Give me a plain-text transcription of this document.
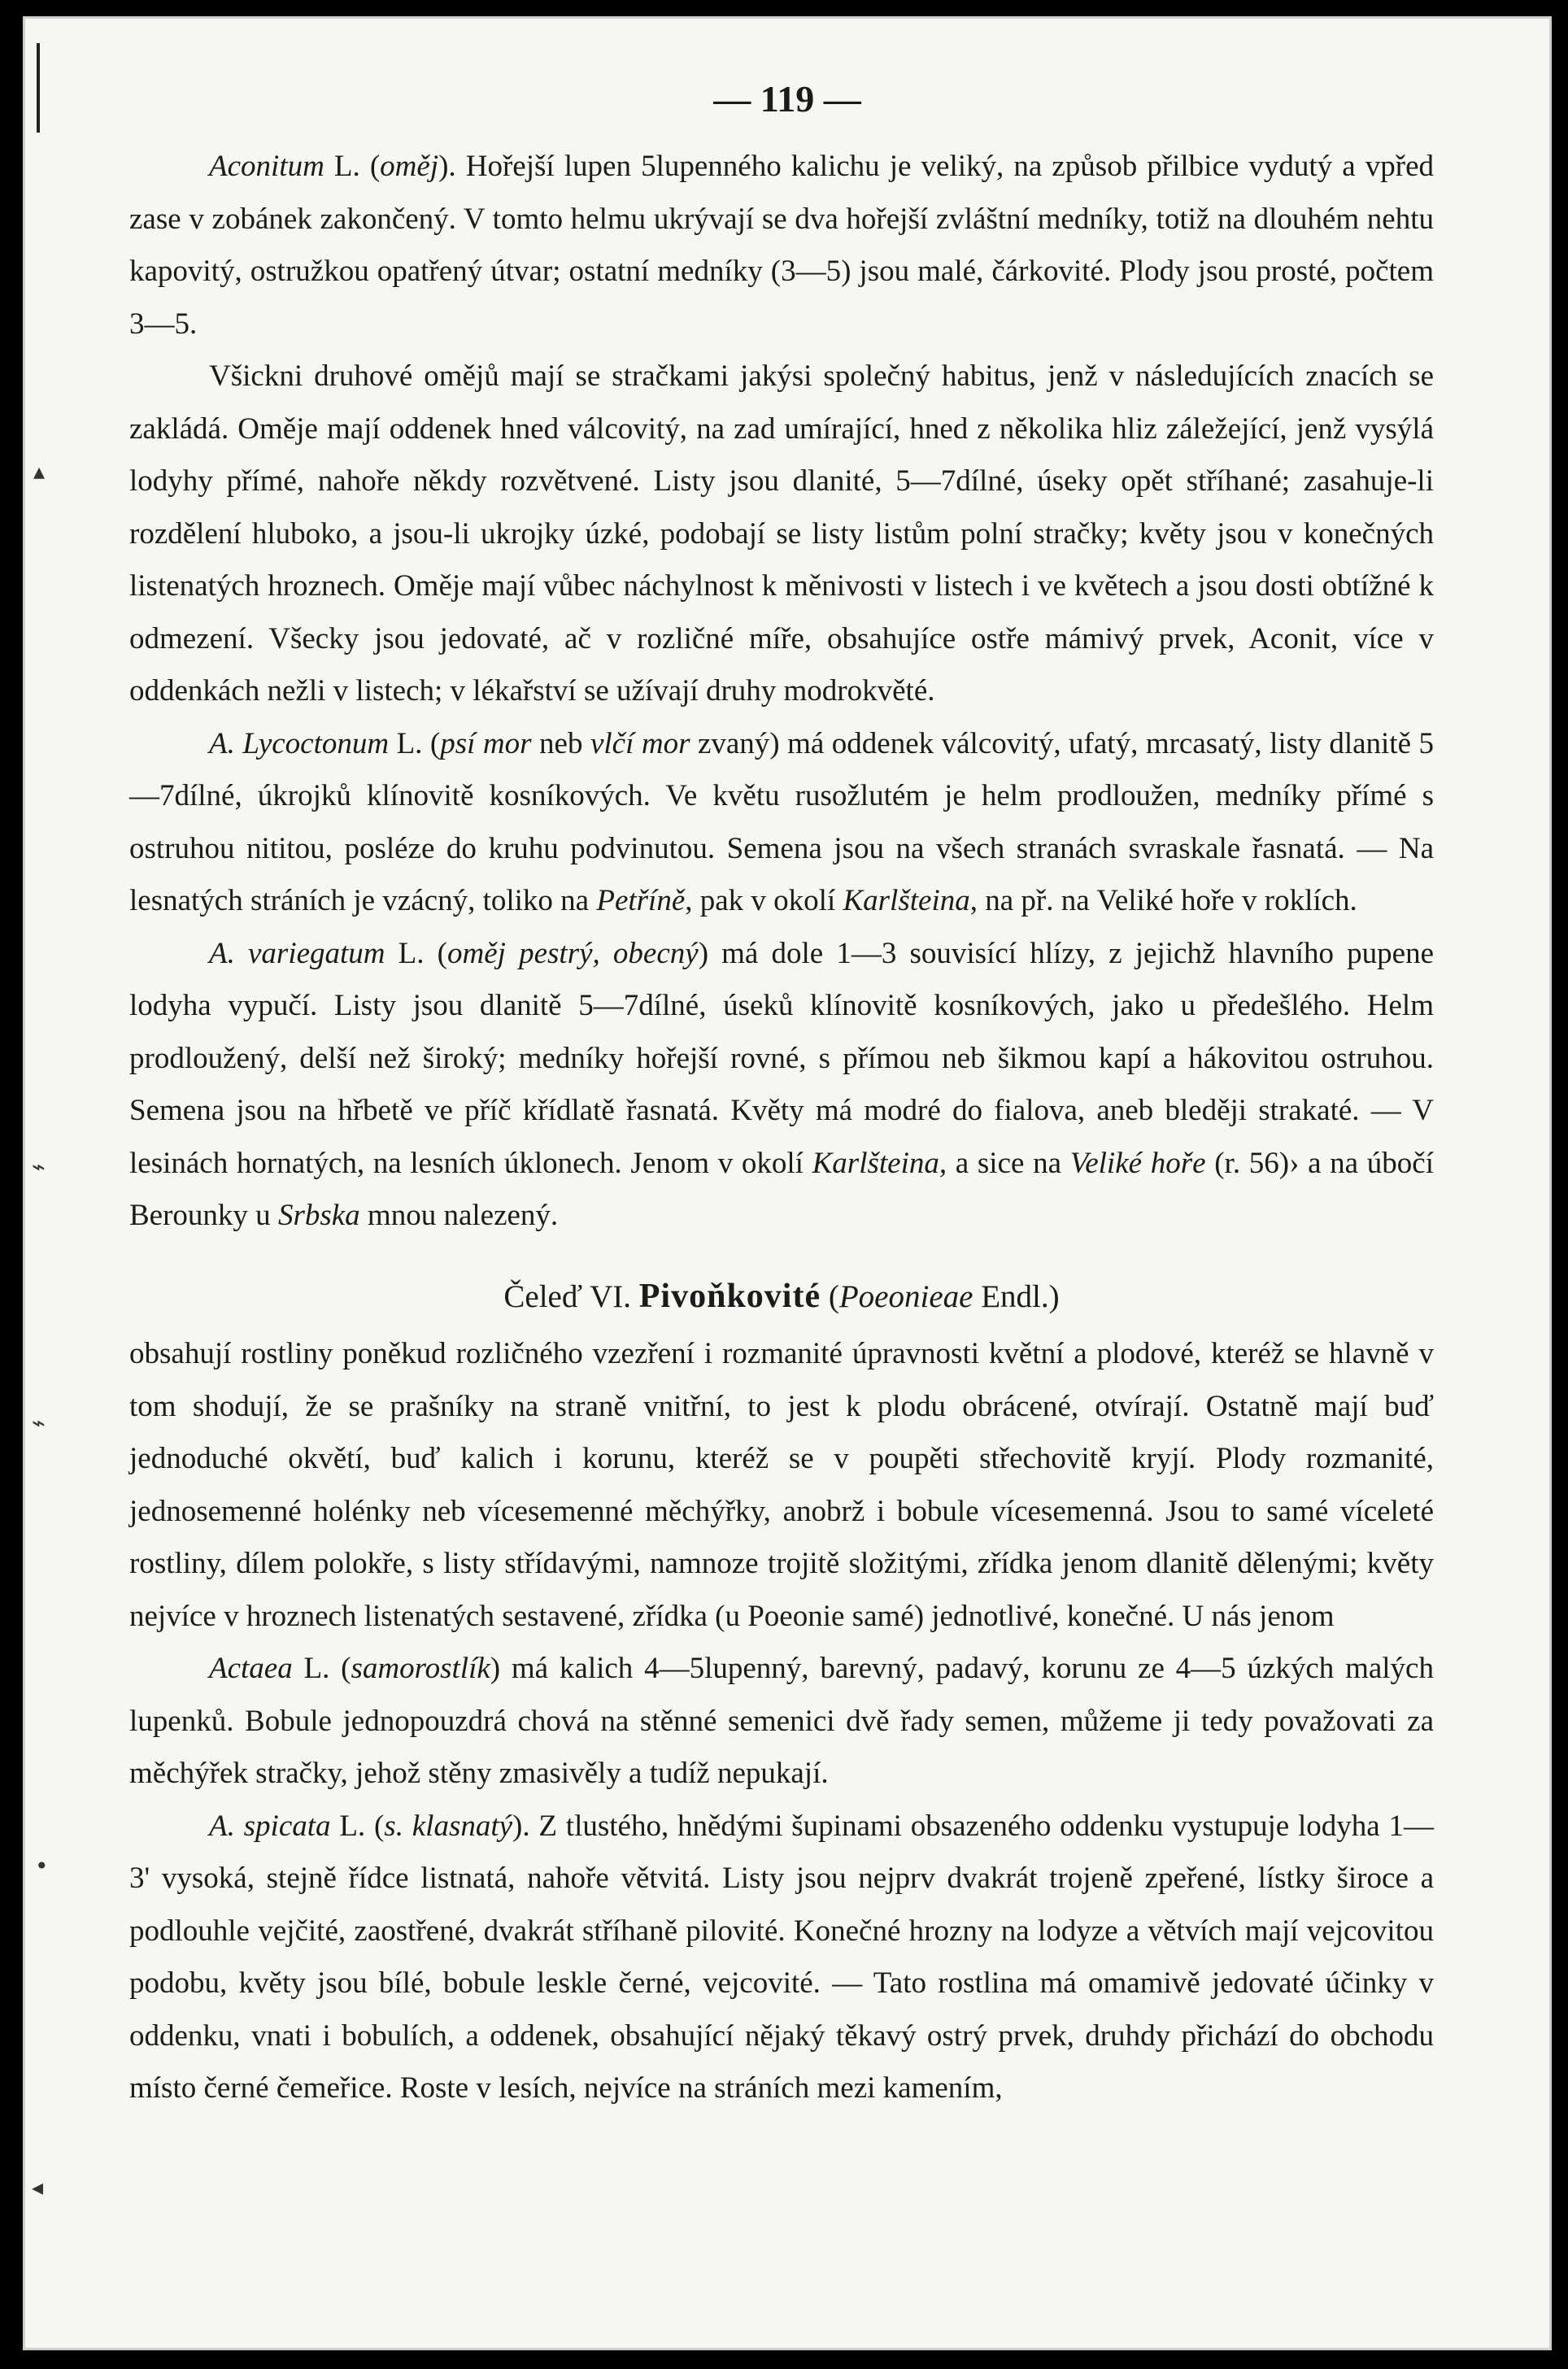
▴
⌁
⌁
•
◂
— 119 —

Aconitum L. (oměj). Hořejší lupen 5lupenného kalichu je veliký, na způsob přilbice vydutý a vpřed zase v zobánek zakončený. V tomto helmu ukrývají se dva hořejší zvláštní medníky, totiž na dlouhém nehtu kapovitý, ostružkou opatřený útvar; ostatní medníky (3—5) jsou malé, čárkovité. Plody jsou prosté, počtem 3—5.

Všickni druhové omějů mají se stračkami jakýsi společný habitus, jenž v následujících znacích se zakládá. Oměje mají oddenek hned válcovitý, na zad umírající, hned z několika hliz záležející, jenž vysýlá lodyhy přímé, nahoře někdy rozvětvené. Listy jsou dlanité, 5—7dílné, úseky opět stříhané; zasahuje-li rozdělení hluboko, a jsou-li ukrojky úzké, podobají se listy listům polní stračky; květy jsou v konečných listenatých hroznech. Oměje mají vůbec náchylnost k měnivosti v listech i ve květech a jsou dosti obtížné k odmezení. Všecky jsou jedovaté, ač v rozličné míře, obsahujíce ostře mámivý prvek, Aconit, více v oddenkách nežli v listech; v lékařství se užívají druhy modrokvěté.

A. Lycoctonum L. (psí mor neb vlčí mor zvaný) má oddenek válcovitý, ufatý, mrcasatý, listy dlanitě 5—7dílné, úkrojků klínovitě kosníkových. Ve květu rusožlutém je helm prodloužen, medníky přímé s ostruhou nititou, posléze do kruhu podvinutou. Semena jsou na všech stranách svraskale řasnatá. — Na lesnatých stráních je vzácný, toliko na Petříně, pak v okolí Karlšteina, na př. na Veliké hoře v roklích.

A. variegatum L. (oměj pestrý, obecný) má dole 1—3 souvisící hlízy, z jejichž hlavního pupene lodyha vypučí. Listy jsou dlanitě 5—7dílné, úseků klínovitě kosníkových, jako u předešlého. Helm prodloužený, delší než široký; medníky hořejší rovné, s přímou neb šikmou kapí a hákovitou ostruhou. Semena jsou na hřbetě ve příč křídlatě řasnatá. Květy má modré do fialova, aneb bleději strakaté. — V lesinách hornatých, na lesních úklonech. Jenom v okolí Karlšteina, a sice na Veliké hoře (r. 56)› a na úbočí Berounky u Srbska mnou nalezený.

Čeleď VI. Pivoňkovité (Poeonieae Endl.)

obsahují rostliny poněkud rozličného vzezření i rozmanité úpravnosti květní a plodové, kteréž se hlavně v tom shodují, že se prašníky na straně vnitřní, to jest k plodu obrácené, otvírají. Ostatně mají buď jednoduché okvětí, buď kalich i korunu, kteréž se v poupěti střechovitě kryjí. Plody rozmanité, jednosemenné holénky neb vícesemenné měchýřky, anobrž i bobule vícesemenná. Jsou to samé víceleté rostliny, dílem polokře, s listy střídavými, namnoze trojitě složitými, zřídka jenom dlanitě dělenými; květy nejvíce v hroznech listenatých sestavené, zřídka (u Poeonie samé) jednotlivé, konečné. U nás jenom

Actaea L. (samorostlík) má kalich 4—5lupenný, barevný, padavý, korunu ze 4—5 úzkých malých lupenků. Bobule jednopouzdrá chová na stěnné semenici dvě řady semen, můžeme ji tedy považovati za měchýřek stračky, jehož stěny zmasivěly a tudíž nepukají.

A. spicata L. (s. klasnatý). Z tlustého, hnědými šupinami obsazeného oddenku vystupuje lodyha 1—3' vysoká, stejně řídce listnatá, nahoře větvitá. Listy jsou nejprv dvakrát trojeně zpeřené, lístky široce a podlouhle vejčité, zaostřené, dvakrát stříhaně pilovité. Konečné hrozny na lodyze a větvích mají vejcovitou podobu, květy jsou bílé, bobule leskle černé, vejcovité. — Tato rostlina má omamivě jedovaté účinky v oddenku, vnati i bobulích, a oddenek, obsahující nějaký těkavý ostrý prvek, druhdy přichází do obchodu místo černé čemeřice. Roste v lesích, nejvíce na stráních mezi kamením,
